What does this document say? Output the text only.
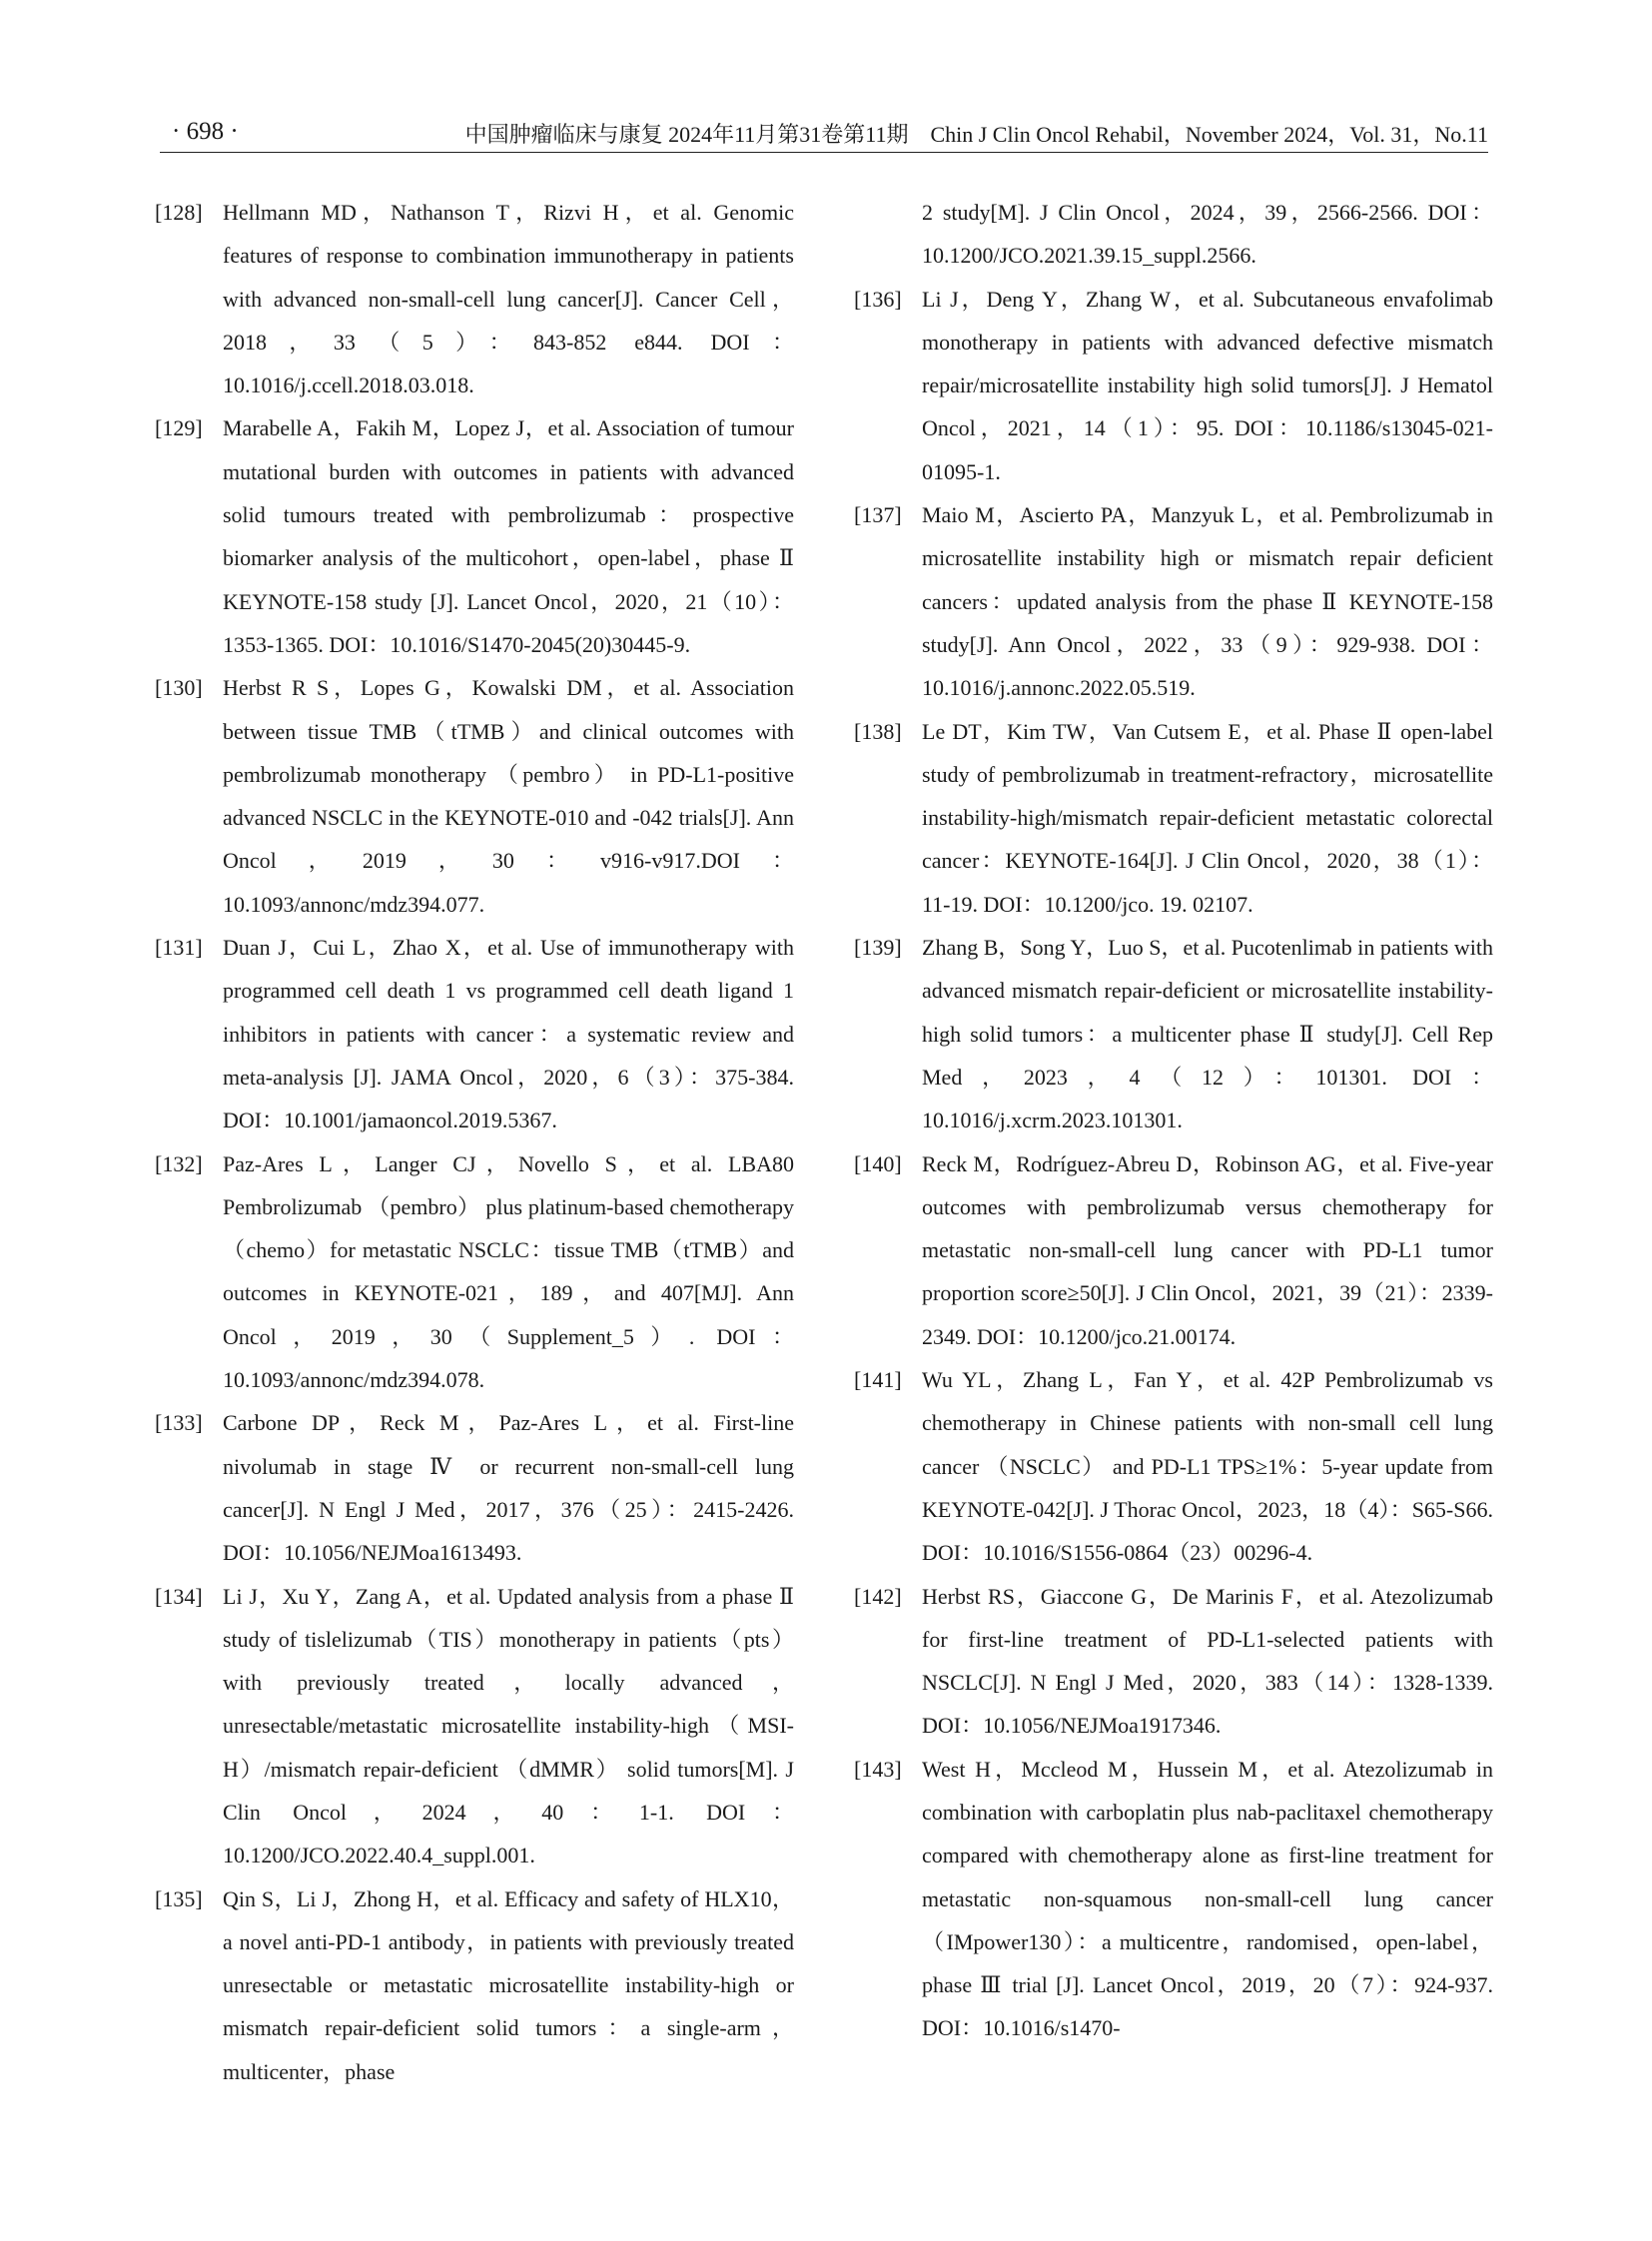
· 698 ·	中国肿瘤临床与康复 2024年11月第31卷第11期　Chin J Clin Oncol Rehabil，November 2024，Vol. 31，No.11
[128] Hellmann MD，Nathanson T，Rizvi H，et al. Genomic features of response to combination immunotherapy in patients with advanced non-small-cell lung cancer[J]. Cancer Cell，2018，33（5）：843-852 e844. DOI：10.1016/j.ccell.2018.03.018.
[129] Marabelle A，Fakih M，Lopez J，et al. Association of tumour mutational burden with outcomes in patients with advanced solid tumours treated with pembrolizumab：prospective biomarker analysis of the multicohort，open-label，phase Ⅱ KEYNOTE-158 study [J]. Lancet Oncol，2020，21（10）：1353-1365. DOI：10.1016/S1470-2045(20)30445-9.
[130] Herbst R S，Lopes G，Kowalski DM，et al. Association between tissue TMB（tTMB）and clinical outcomes with pembrolizumab monotherapy （pembro） in PD-L1-positive advanced NSCLC in the KEYNOTE-010 and -042 trials[J]. Ann Oncol，2019，30：v916-v917.DOI：10.1093/annonc/mdz394.077.
[131] Duan J，Cui L，Zhao X，et al. Use of immunotherapy with programmed cell death 1 vs programmed cell death ligand 1 inhibitors in patients with cancer：a systematic review and meta-analysis [J]. JAMA Oncol，2020，6（3）：375-384. DOI：10.1001/jamaoncol.2019.5367.
[132] Paz-Ares L，Langer CJ，Novello S，et al. LBA80 Pembrolizumab （pembro） plus platinum-based chemotherapy（chemo）for metastatic NSCLC：tissue TMB（tTMB）and outcomes in KEYNOTE-021，189，and 407[MJ]. Ann Oncol，2019，30（Supplement_5）. DOI：10.1093/annonc/mdz394.078.
[133] Carbone DP，Reck M，Paz-Ares L，et al. First-line nivolumab in stage Ⅳ or recurrent non-small-cell lung cancer[J]. N Engl J Med，2017，376（25）：2415-2426. DOI：10.1056/NEJMoa1613493.
[134] Li J，Xu Y，Zang A，et al. Updated analysis from a phase Ⅱ study of tislelizumab（TIS）monotherapy in patients（pts） with previously treated，locally advanced，unresectable/metastatic microsatellite instability-high（MSI-H）/mismatch repair-deficient （dMMR） solid tumors[M]. J Clin Oncol，2024，40：1-1. DOI：10.1200/JCO.2022.40.4_suppl.001.
[135] Qin S，Li J，Zhong H，et al. Efficacy and safety of HLX10，a novel anti-PD-1 antibody，in patients with previously treated unresectable or metastatic microsatellite instability-high or mismatch repair-deficient solid tumors：a single-arm，multicenter，phase
2 study[M]. J Clin Oncol，2024，39，2566-2566. DOI：10.1200/JCO.2021.39.15_suppl.2566.
[136] Li J，Deng Y，Zhang W，et al. Subcutaneous envafolimab monotherapy in patients with advanced defective mismatch repair/microsatellite instability high solid tumors[J]. J Hematol Oncol，2021，14（1）：95. DOI：10.1186/s13045-021-01095-1.
[137] Maio M，Ascierto PA，Manzyuk L，et al. Pembrolizumab in microsatellite instability high or mismatch repair deficient cancers：updated analysis from the phase Ⅱ KEYNOTE-158 study[J]. Ann Oncol，2022，33（9）：929-938. DOI：10.1016/j.annonc.2022.05.519.
[138] Le DT，Kim TW，Van Cutsem E，et al. Phase Ⅱ open-label study of pembrolizumab in treatment-refractory，microsatellite instability-high/mismatch repair-deficient metastatic colorectal cancer：KEYNOTE-164[J]. J Clin Oncol，2020，38（1）：11-19. DOI：10.1200/jco. 19. 02107.
[139] Zhang B，Song Y，Luo S，et al. Pucotenlimab in patients with advanced mismatch repair-deficient or microsatellite instability-high solid tumors：a multicenter phase Ⅱ study[J]. Cell Rep Med，2023，4（12）：101301. DOI：10.1016/j.xcrm.2023.101301.
[140] Reck M，Rodríguez-Abreu D，Robinson AG，et al. Five-year outcomes with pembrolizumab versus chemotherapy for metastatic non-small-cell lung cancer with PD-L1 tumor proportion score≥50[J]. J Clin Oncol，2021，39（21）：2339-2349. DOI：10.1200/jco.21.00174.
[141] Wu YL，Zhang L，Fan Y，et al. 42P Pembrolizumab vs chemotherapy in Chinese patients with non-small cell lung cancer （NSCLC） and PD-L1 TPS≥1%：5-year update from KEYNOTE-042[J]. J Thorac Oncol，2023，18（4）：S65-S66. DOI：10.1016/S1556-0864（23）00296-4.
[142] Herbst RS，Giaccone G，De Marinis F，et al. Atezolizumab for first-line treatment of PD-L1-selected patients with NSCLC[J]. N Engl J Med，2020，383（14）：1328-1339. DOI：10.1056/NEJMoa1917346.
[143] West H，Mccleod M，Hussein M，et al. Atezolizumab in combination with carboplatin plus nab-paclitaxel chemotherapy compared with chemotherapy alone as first-line treatment for metastatic non-squamous non-small-cell lung cancer（IMpower130）：a multicentre，randomised，open-label，phase Ⅲ trial [J]. Lancet Oncol，2019，20（7）：924-937. DOI：10.1016/s1470-
